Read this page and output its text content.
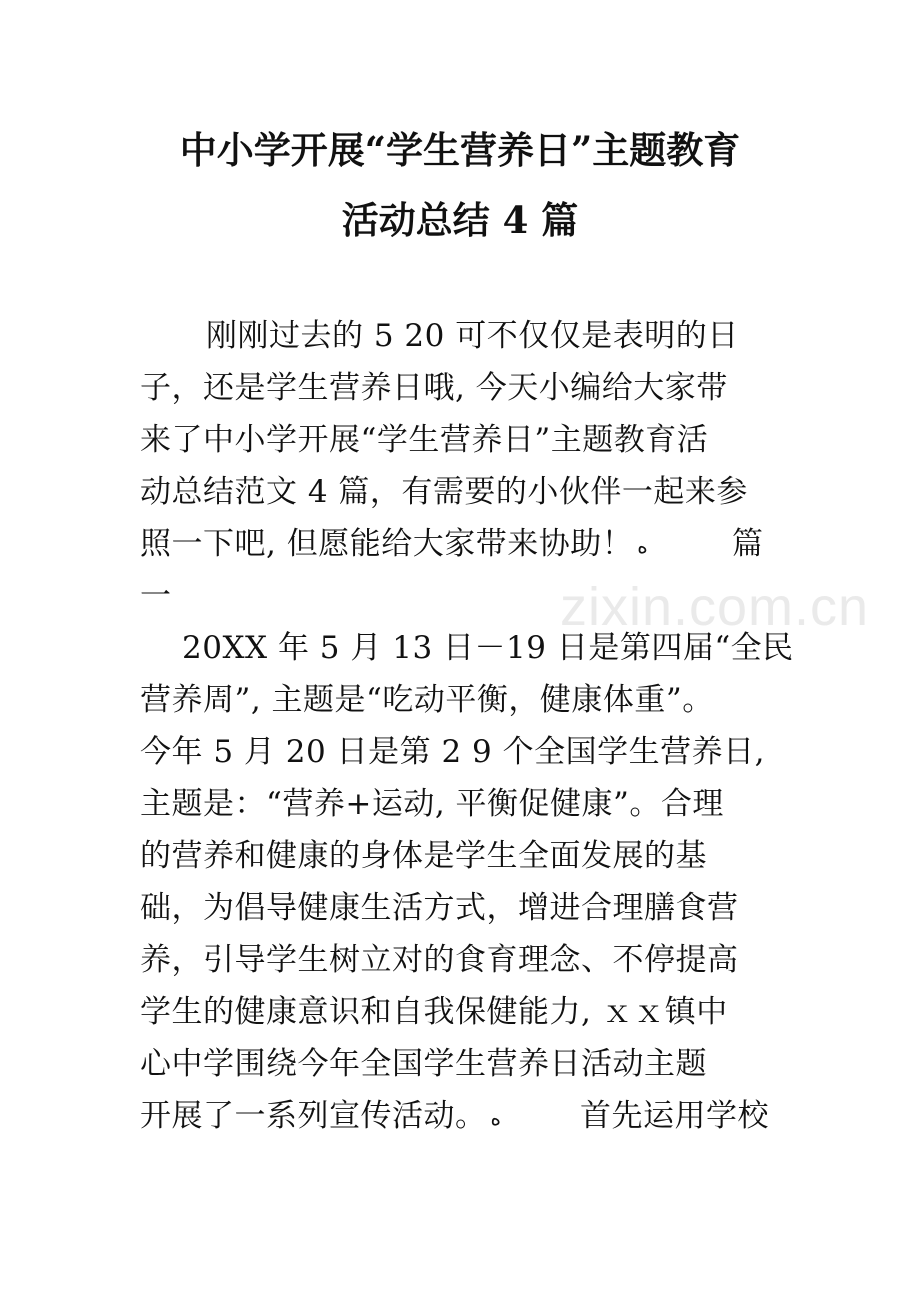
zixin.com.cn
中小学开展“学生营养日”主题教育
活动总结 4 篇
刚刚过去的 5 20 可不仅仅是表明的日
子，还是学生营养日哦, 今天小编给大家带
来了中小学开展“学生营养日”主题教育活
动总结范文 4 篇，有需要的小伙伴一起来参
照一下吧, 但愿能给大家带来协助！ ﻩ	篇
一
20XX 年 5 月 13 日－19 日是第四届“全民
营养周”, 主题是“吃动平衡，健康体重”。
今年 5 月 20 日是第 2 9 个全国学生营养日,
主题是：“营养+运动, 平衡促健康”。合理
的营养和健康的身体是学生全面发展的基
础，为倡导健康生活方式，增进合理膳食营
养，引导学生树立对的食育理念、不停提高
学生的健康意识和自我保健能力, ｘｘ镇中
心中学围绕今年全国学生营养日活动主题
开展了一系列宣传活动。 ﻩ	首先运用学校
